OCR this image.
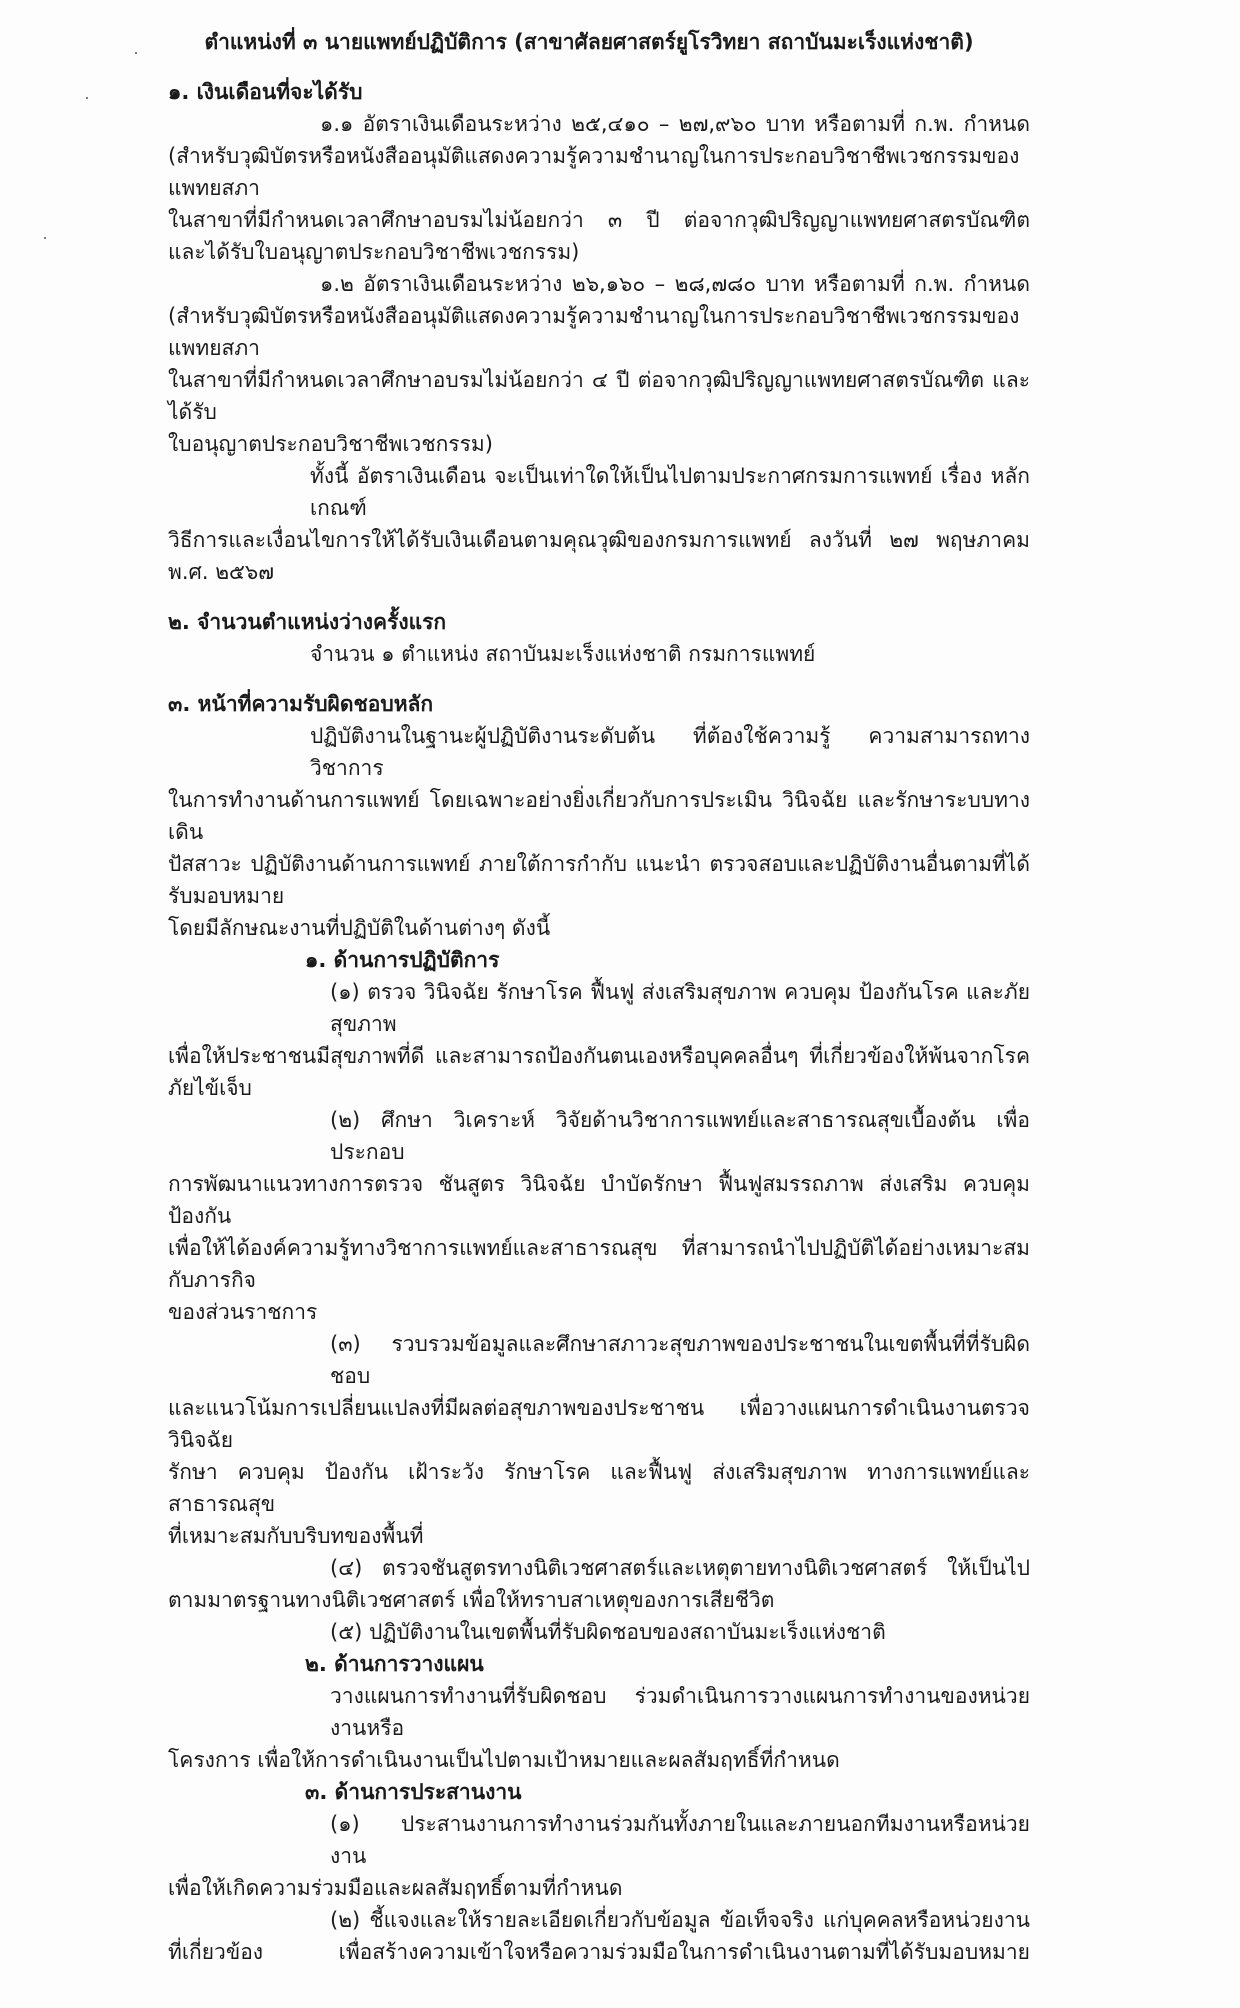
ตำแหน่งที่ ๓ นายแพทย์ปฏิบัติการ (สาขาศัลยศาสตร์ยูโรวิทยา สถาบันมะเร็งแห่งชาติ)
๑. เงินเดือนที่จะได้รับ
๑.๑ อัตราเงินเดือนระหว่าง ๒๕,๔๑๐ – ๒๗,๙๖๐ บาท หรือตามที่ ก.พ. กำหนด
(สำหรับวุฒิบัตรหรือหนังสืออนุมัติแสดงความรู้ความชำนาญในการประกอบวิชาชีพเวชกรรมของแพทยสภา
ในสาขาที่มีกำหนดเวลาศึกษาอบรมไม่น้อยกว่า ๓ ปี ต่อจากวุฒิปริญญาแพทยศาสตรบัณฑิต
และได้รับใบอนุญาตประกอบวิชาชีพเวชกรรม)
๑.๒ อัตราเงินเดือนระหว่าง ๒๖,๑๖๐ – ๒๘,๗๘๐ บาท หรือตามที่ ก.พ. กำหนด
(สำหรับวุฒิบัตรหรือหนังสืออนุมัติแสดงความรู้ความชำนาญในการประกอบวิชาชีพเวชกรรมของแพทยสภา
ในสาขาที่มีกำหนดเวลาศึกษาอบรมไม่น้อยกว่า ๔ ปี ต่อจากวุฒิปริญญาแพทยศาสตรบัณฑิต และได้รับ
ใบอนุญาตประกอบวิชาชีพเวชกรรม)
ทั้งนี้ อัตราเงินเดือน จะเป็นเท่าใดให้เป็นไปตามประกาศกรมการแพทย์ เรื่อง หลักเกณฑ์
วิธีการและเงื่อนไขการให้ได้รับเงินเดือนตามคุณวุฒิของกรมการแพทย์ ลงวันที่ ๒๗ พฤษภาคม พ.ศ. ๒๕๖๗
๒. จำนวนตำแหน่งว่างครั้งแรก
จำนวน ๑ ตำแหน่ง สถาบันมะเร็งแห่งชาติ กรมการแพทย์
๓. หน้าที่ความรับผิดชอบหลัก
ปฏิบัติงานในฐานะผู้ปฏิบัติงานระดับต้น ที่ต้องใช้ความรู้ ความสามารถทางวิชาการ
ในการทำงานด้านการแพทย์ โดยเฉพาะอย่างยิ่งเกี่ยวกับการประเมิน วินิจฉัย และรักษาระบบทางเดิน
ปัสสาวะ ปฏิบัติงานด้านการแพทย์ ภายใต้การกำกับ แนะนำ ตรวจสอบและปฏิบัติงานอื่นตามที่ได้รับมอบหมาย
โดยมีลักษณะงานที่ปฏิบัติในด้านต่างๆ ดังนี้
๑. ด้านการปฏิบัติการ
(๑) ตรวจ วินิจฉัย รักษาโรค ฟื้นฟู ส่งเสริมสุขภาพ ควบคุม ป้องกันโรค และภัยสุขภาพ
เพื่อให้ประชาชนมีสุขภาพที่ดี และสามารถป้องกันตนเองหรือบุคคลอื่นๆ ที่เกี่ยวข้องให้พ้นจากโรคภัยไข้เจ็บ
(๒) ศึกษา วิเคราะห์ วิจัยด้านวิชาการแพทย์และสาธารณสุขเบื้องต้น เพื่อประกอบ
การพัฒนาแนวทางการตรวจ ชันสูตร วินิจฉัย บำบัดรักษา ฟื้นฟูสมรรถภาพ ส่งเสริม ควบคุม ป้องกัน
เพื่อให้ได้องค์ความรู้ทางวิชาการแพทย์และสาธารณสุข ที่สามารถนำไปปฏิบัติได้อย่างเหมาะสมกับภารกิจ
ของส่วนราชการ
(๓) รวบรวมข้อมูลและศึกษาสภาวะสุขภาพของประชาชนในเขตพื้นที่ที่รับผิดชอบ
และแนวโน้มการเปลี่ยนแปลงที่มีผลต่อสุขภาพของประชาชน เพื่อวางแผนการดำเนินงานตรวจ วินิจฉัย
รักษา ควบคุม ป้องกัน เฝ้าระวัง รักษาโรค และฟื้นฟู ส่งเสริมสุขภาพ ทางการแพทย์และสาธารณสุข
ที่เหมาะสมกับบริบทของพื้นที่
(๔) ตรวจชันสูตรทางนิติเวชศาสตร์และเหตุตายทางนิติเวชศาสตร์ ให้เป็นไป
ตามมาตรฐานทางนิติเวชศาสตร์ เพื่อให้ทราบสาเหตุของการเสียชีวิต
(๕) ปฏิบัติงานในเขตพื้นที่รับผิดชอบของสถาบันมะเร็งแห่งชาติ
๒. ด้านการวางแผน
วางแผนการทำงานที่รับผิดชอบ ร่วมดำเนินการวางแผนการทำงานของหน่วยงานหรือ
โครงการ เพื่อให้การดำเนินงานเป็นไปตามเป้าหมายและผลสัมฤทธิ์ที่กำหนด
๓. ด้านการประสานงาน
(๑) ประสานงานการทำงานร่วมกันทั้งภายในและภายนอกทีมงานหรือหน่วยงาน
เพื่อให้เกิดความร่วมมือและผลสัมฤทธิ์ตามที่กำหนด
(๒) ชี้แจงและให้รายละเอียดเกี่ยวกับข้อมูล ข้อเท็จจริง แก่บุคคลหรือหน่วยงาน
ที่เกี่ยวข้อง เพื่อสร้างความเข้าใจหรือความร่วมมือในการดำเนินงานตามที่ได้รับมอบหมาย
